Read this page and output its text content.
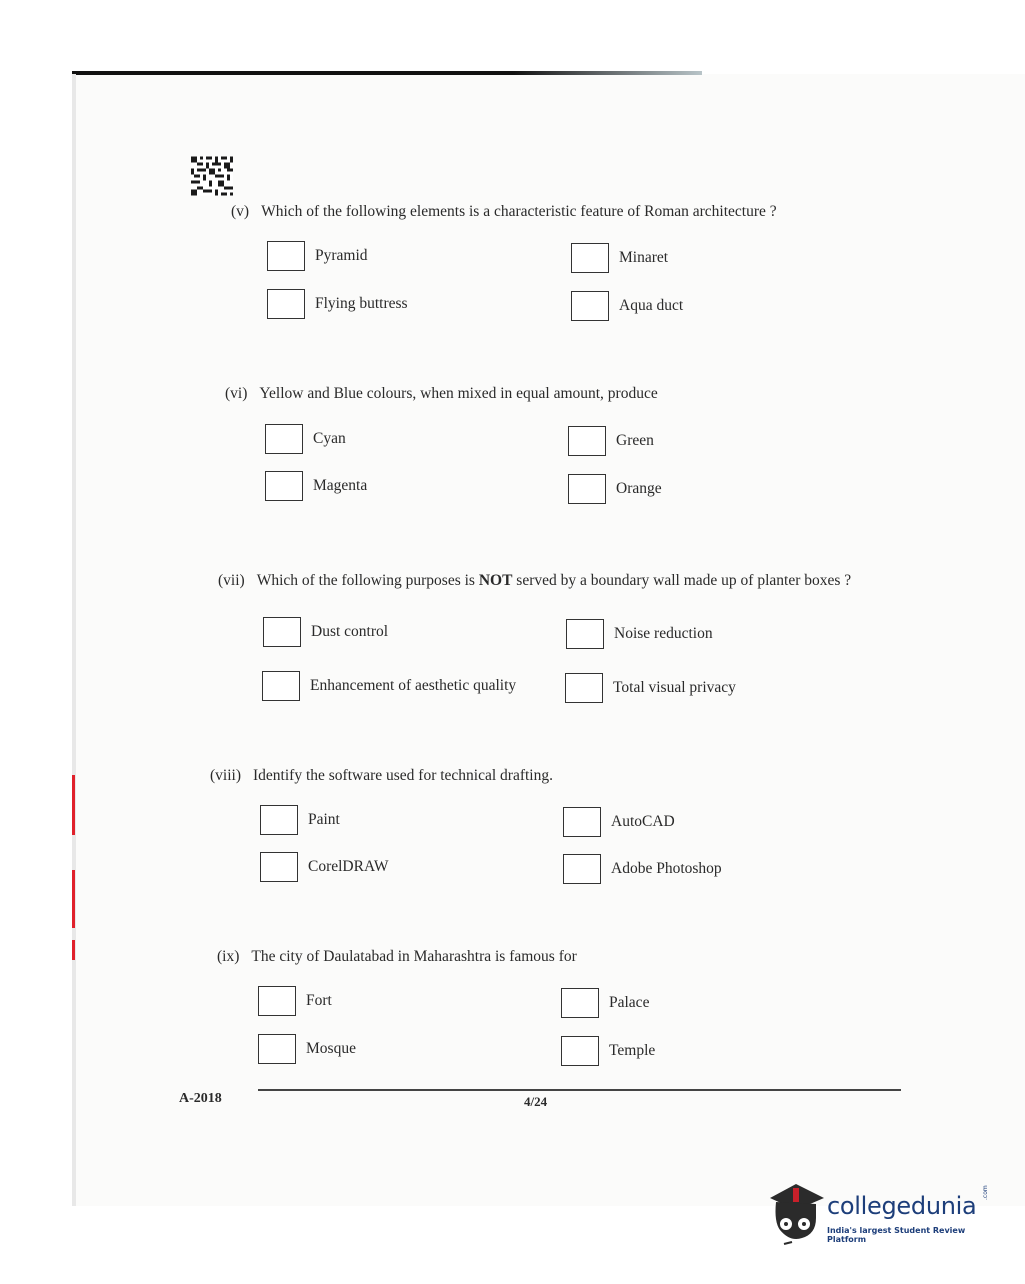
(v) Which of the following elements is a characteristic feature of Roman architecture ?
Pyramid	Minaret
Flying buttress	Aqua duct
(vi) Yellow and Blue colours, when mixed in equal amount, produce
Cyan	Green
Magenta	Orange
(vii) Which of the following purposes is NOT served by a boundary wall made up of planter boxes ?
Dust control	Noise reduction
Enhancement of aesthetic quality	Total visual privacy
(viii) Identify the software used for technical drafting.
Paint	AutoCAD
CorelDRAW	Adobe Photoshop
(ix) The city of Daulatabad in Maharashtra is famous for
Fort	Palace
Mosque	Temple
A-2018	4/24
collegedunia .com
India's largest Student Review Platform
